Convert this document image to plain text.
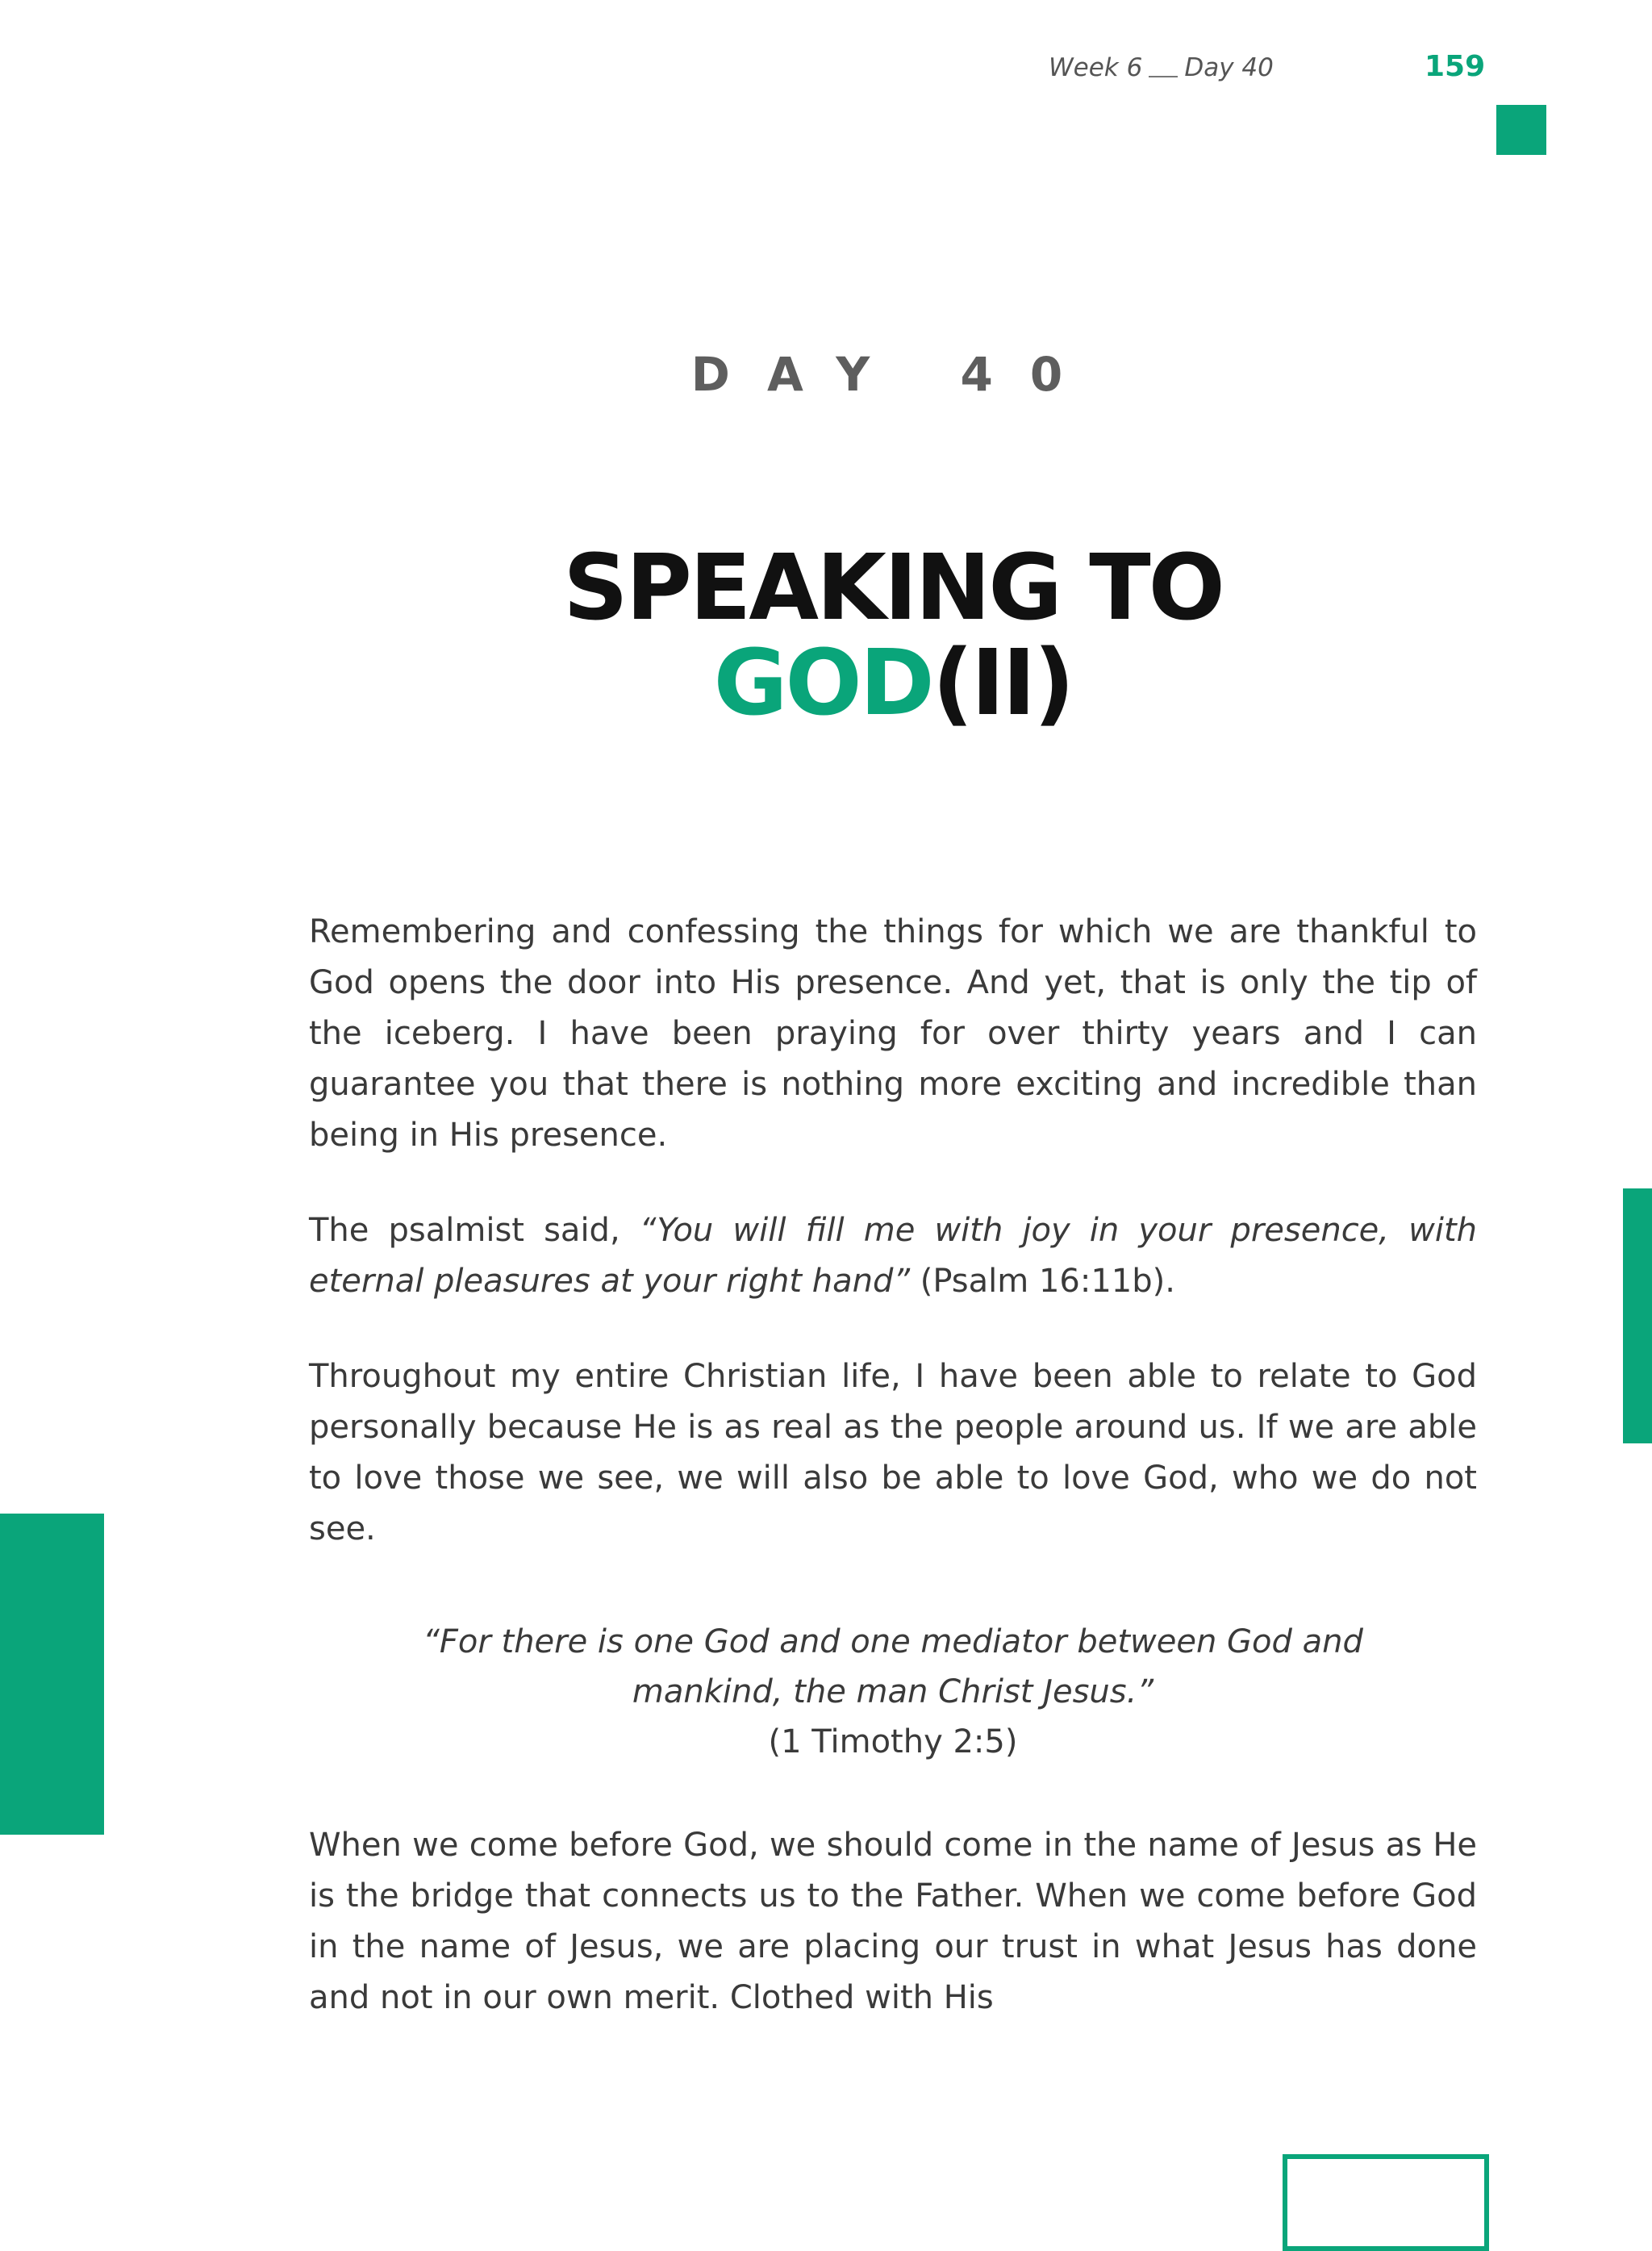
Week 6 Day 40	159
DAY 40
SPEAKING TO
GOD(II)
Remembering and confessing the things for which we are thankful to God opens the door into His presence. And yet, that is only the tip of the iceberg. I have been praying for over thirty years and I can guarantee you that there is nothing more exciting and incredible than being in His presence.
The psalmist said, “You will fill me with joy in your presence, with eternal pleasures at your right hand” (Psalm 16:11b).
Throughout my entire Christian life, I have been able to relate to God personally because He is as real as the people around us. If we are able to love those we see, we will also be able to love God, who we do not see.
“For there is one God and one mediator between God and mankind, the man Christ Jesus.”
(1 Timothy 2:5)
When we come before God, we should come in the name of Jesus as He is the bridge that connects us to the Father. When we come before God in the name of Jesus, we are placing our trust in what Jesus has done and not in our own merit. Clothed with His
